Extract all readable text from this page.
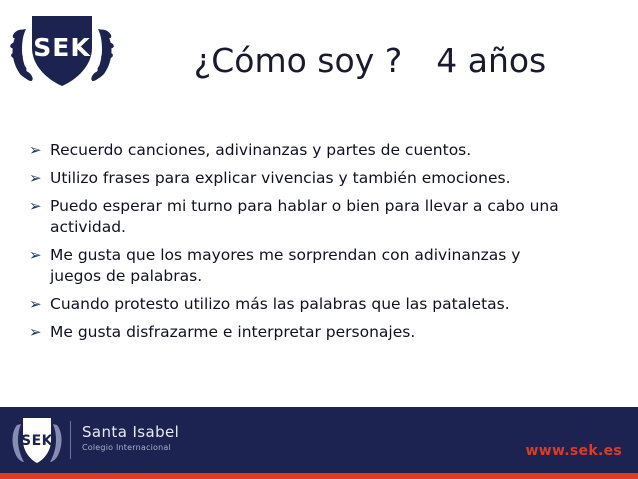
SEK	¿Cómo soy ? 4 años
➢ Recuerdo canciones, adivinanzas y partes de cuentos.
➢ Utilizo frases para explicar vivencias y también emociones.
➢ Puedo esperar mi turno para hablar o bien para llevar a cabo una actividad.
➢ Me gusta que los mayores me sorprendan con adivinanzas y juegos de palabras.
➢ Cuando protesto utilizo más las palabras que las pataletas.
➢ Me gusta disfrazarme e interpretar personajes.
SEK Santa Isabel
Colegio Internacional	www.sek.es
